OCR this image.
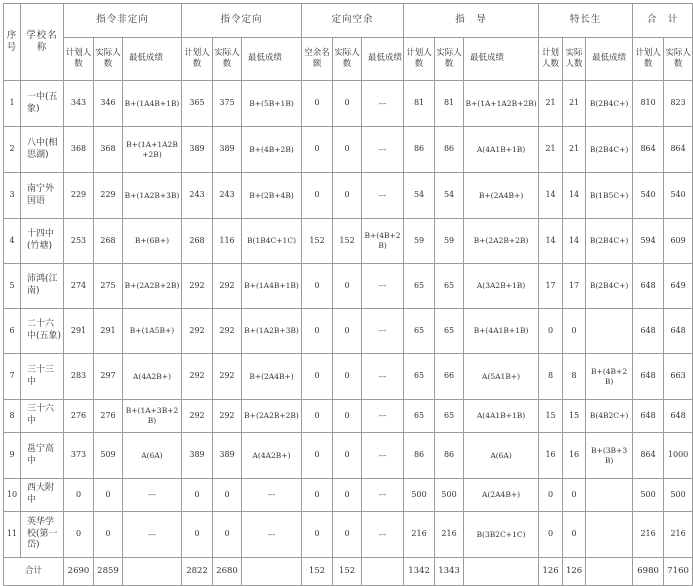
序号	学校名称	指令非定向			指令定向			定向空余			指　导			特长生			合　计	
		计划人数	实际人数	最低成绩	计划人数	实际人数	最低成绩	空余名额	实际人数	最低成绩	计划人数	实际人数	最低成绩	计划人数	实际人数	最低成绩	计划人数	实际人数
1	一中(五象)	343	346	B+(1A4B+1B)	365	375	B+(5B+1B)	0	0	---	81	81	B+(1A+1A2B+2B)	21	21	B(2B4C+)	810	823
2	八中(相思湖)	368	368	B+(1A+1A2B+2B)	389	389	B+(4B+2B)	0	0	---	86	86	A(4A1B+1B)	21	21	B(2B4C+)	864	864
3	南宁外国语	229	229	B+(1A2B+3B)	243	243	B+(2B+4B)	0	0	---	54	54	B+(2A4B+)	14	14	B(1B5C+)	540	540
4	十四中(竹塘)	253	268	B+(6B+)	268	116	B(1B4C+1C)	152	152	B+(4B+2B)	59	59	B+(2A2B+2B)	14	14	B(2B4C+)	594	609
5	沛鸿(江南)	274	275	B+(2A2B+2B)	292	292	B+(1A4B+1B)	0	0	---	65	65	A(3A2B+1B)	17	17	B(2B4C+)	648	649
6	二十六中(五象)	291	291	B+(1A5B+)	292	292	B+(1A2B+3B)	0	0	---	65	65	B+(4A1B+1B)	0	0		648	648
7	三十三中	283	297	A(4A2B+)	292	292	B+(2A4B+)	0	0	---	65	66	A(5A1B+)	8	8	B+(4B+2B)	648	663
8	三十六中	276	276	B+(1A+3B+2B)	292	292	B+(2A2B+2B)	0	0	---	65	65	A(4A1B+1B)	15	15	B(4B2C+)	648	648
9	邕宁高中	373	509	A(6A)	389	389	A(4A2B+)	0	0	---	86	86	A(6A)	16	16	B+(3B+3B)	864	1000
10	西大附中	0	0	---	0	0	---	0	0	---	500	500	A(2A4B+)	0	0		500	500
11	英华学校(第一岱)	0	0	---	0	0	---	0	0	---	216	216	B(3B2C+1C)	0	0		216	216
合计		2690	2859		2822	2680		152	152		1342	1343		126	126		6980	7160
